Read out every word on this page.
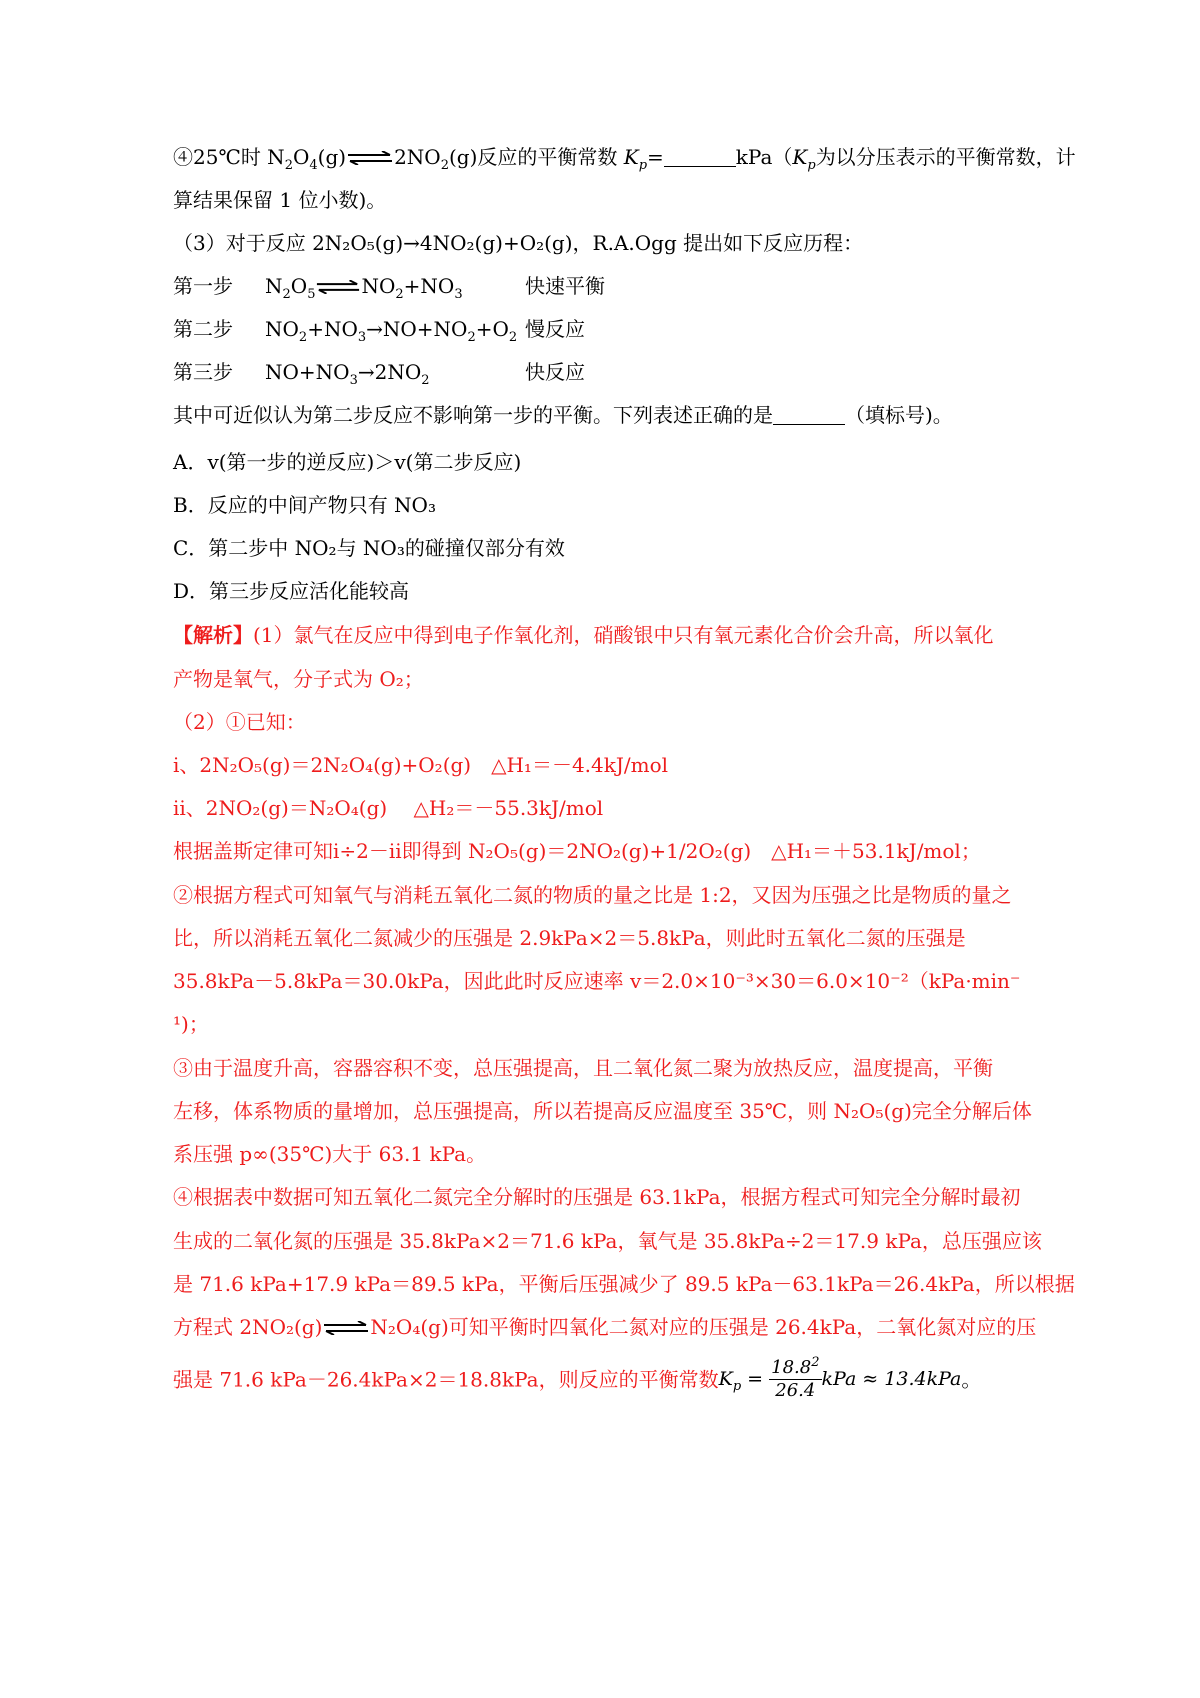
④25℃时 $N_2O_4(g)\rightleftharpoons 2NO_2(g)$反应的平衡常数 $K_p=$	$kPa(K_p$为以分压表示的平衡常数，计
算结果保留 1 位小数)。
（3）对于反应 2N₂O₅(g)→4NO₂(g)+O₂(g)，R.A.Ogg 提出如下反应历程：
第一步 $N_2O_5\rightleftharpoons NO_2+NO_3$	快速平衡
第二步 $NO_2+NO_3\to NO+NO_2+O_2$ 慢反应
第三步 $NO+NO_3\to 2NO_2$	快反应
其中可近似认为第二步反应不影响第一步的平衡。下列表述正确的是	（填标号)。
A．v(第一步的逆反应)＞v(第二步反应)
B．反应的中间产物只有 NO₃
C．第二步中 NO₂与 NO₃的碰撞仅部分有效
D．第三步反应活化能较高
【解析】(1）氯气在反应中得到电子作氧化剂，硝酸银中只有氧元素化合价会升高，所以氧化
产物是氧气，分子式为 O₂；
（2）①已知：
ⅰ、2N₂O₅(g)＝2N₂O₄(g)+O₂(g)　△H₁＝－4.4kJ/mol
ⅱ、2NO₂(g)＝N₂O₄(g)　 △H₂＝－55.3kJ/mol
根据盖斯定律可知ⅰ÷2－ⅱ即得到 N₂O₅(g)＝2NO₂(g)+1/2O₂(g)　△H₁＝＋53.1kJ/mol；
②根据方程式可知氧气与消耗五氧化二氮的物质的量之比是 1:2，又因为压强之比是物质的量之
比，所以消耗五氧化二氮减少的压强是 2.9kPa×2＝5.8kPa，则此时五氧化二氮的压强是
35.8kPa－5.8kPa＝30.0kPa，因此此时反应速率 v＝2.0×10⁻³×30＝6.0×10⁻²（kPa·min⁻
¹)；
③由于温度升高，容器容积不变，总压强提高，且二氧化氮二聚为放热反应，温度提高，平衡
左移，体系物质的量增加，总压强提高，所以若提高反应温度至 35℃，则 N₂O₅(g)完全分解后体
系压强 p∞(35℃)大于 63.1 kPa。
④根据表中数据可知五氧化二氮完全分解时的压强是 63.1kPa，根据方程式可知完全分解时最初
生成的二氧化氮的压强是 35.8kPa×2＝71.6 kPa，氧气是 35.8kPa÷2＝17.9 kPa，总压强应该
是 71.6 kPa+17.9 kPa＝89.5 kPa，平衡后压强减少了 89.5 kPa－63.1kPa＝26.4kPa，所以根据
方程式 2NO₂(g)⇌N₂O₄(g)可知平衡时四氧化二氮对应的压强是 26.4kPa，二氧化氮对应的压
强是 71.6 kPa－26.4kPa×2＝18.8kPa，则反应的平衡常数$K_p = \frac{18.8^2}{26.4}$ kPa ≈ 13.4kPa。
